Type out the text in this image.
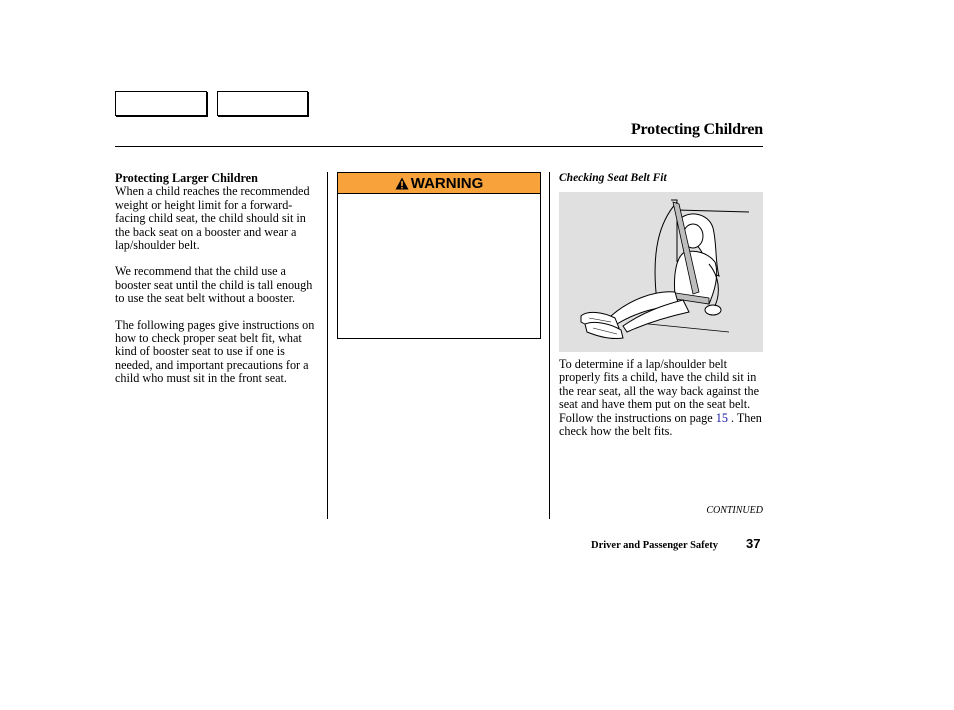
Protecting Children
Protecting Larger Children

When a child reaches the recommended weight or height limit for a forward-facing child seat, the child should sit in the back seat on a booster and wear a lap/shoulder belt.

We recommend that the child use a booster seat until the child is tall enough to use the seat belt without a booster.

The following pages give instructions on how to check proper seat belt fit, what kind of booster seat to use if one is needed, and important precautions for a child who must sit in the front seat.

WARNING	Checking Seat Belt Fit
To determine if a lap/shoulder belt properly fits a child, have the child sit in the rear seat, all the way back against the seat and have them put on the seat belt. Follow the instructions on page 15 . Then check how the belt fits.
CONTINUED
Driver and Passenger Safety 37
